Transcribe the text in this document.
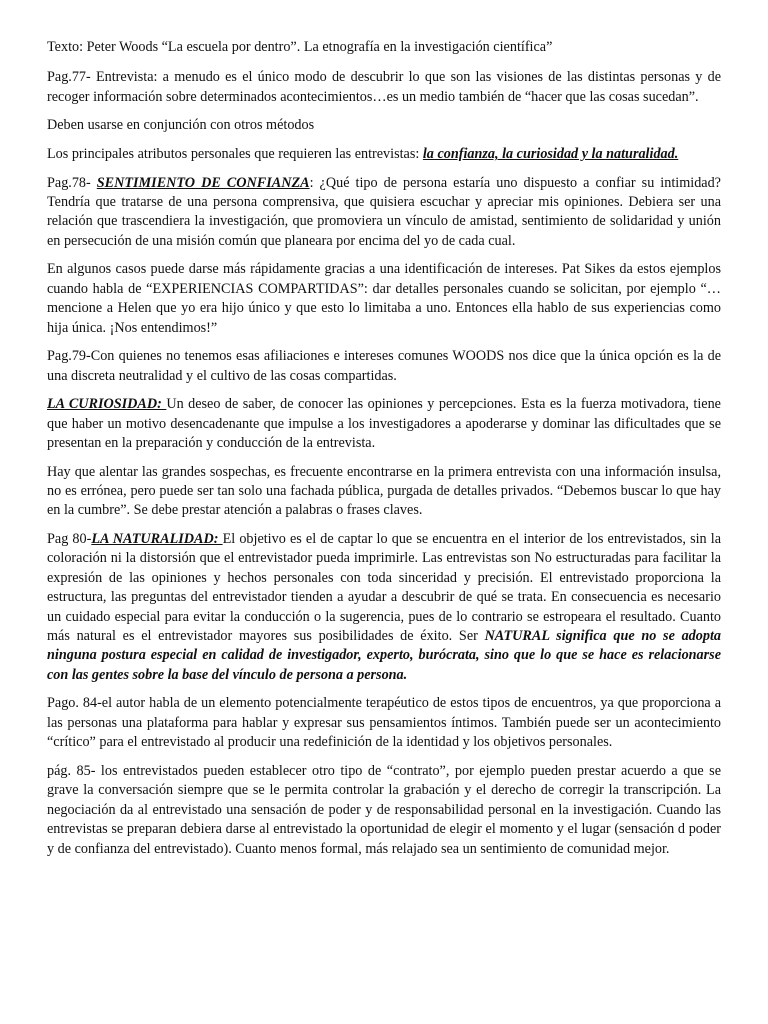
Texto: Peter Woods “La escuela por dentro”. La etnografía en la investigación científica”

Pag.77- Entrevista: a menudo es el único modo de descubrir lo que son las visiones de las distintas personas y de recoger información sobre determinados acontecimientos…es un medio también de “hacer que las cosas sucedan”.

Deben usarse en conjunción con otros métodos

Los principales atributos personales que requieren las entrevistas: la confianza, la curiosidad y la naturalidad.

Pag.78- SENTIMIENTO DE CONFIANZA: ¿Qué tipo de persona estaría uno dispuesto a confiar su intimidad? Tendría que tratarse de una persona comprensiva, que quisiera escuchar y apreciar mis opiniones. Debiera ser una relación que trascendiera la investigación, que promoviera un vínculo de amistad, sentimiento de solidaridad y unión en persecución de una misión común que planeara por encima del yo de cada cual.

En algunos casos puede darse más rápidamente gracias a una identificación de intereses. Pat Sikes da estos ejemplos cuando habla de “EXPERIENCIAS COMPARTIDAS”: dar detalles personales cuando se solicitan, por ejemplo “…mencione a Helen que yo era hijo único y que esto lo limitaba a uno. Entonces ella hablo de sus experiencias como hija única. ¡Nos entendimos!”

Pag.79-Con quienes no tenemos esas afiliaciones e intereses comunes WOODS nos dice que la única opción es la de una discreta neutralidad y el cultivo de las cosas compartidas.

LA CURIOSIDAD: Un deseo de saber, de conocer las opiniones y percepciones. Esta es la fuerza motivadora, tiene que haber un motivo desencadenante que impulse a los investigadores a apoderarse y dominar las dificultades que se presentan en la preparación y conducción de la entrevista.

Hay que alentar las grandes sospechas, es frecuente encontrarse en la primera entrevista con una información insulsa, no es errónea, pero puede ser tan solo una fachada pública, purgada de detalles privados. “Debemos buscar lo que hay en la cumbre”. Se debe prestar atención a palabras o frases claves.

Pag 80-LA NATURALIDAD: El objetivo es el de captar lo que se encuentra en el interior de los entrevistados, sin la coloración ni la distorsión que el entrevistador pueda imprimirle. Las entrevistas son No estructuradas para facilitar la expresión de las opiniones y hechos personales con toda sinceridad y precisión. El entrevistado proporciona la estructura, las preguntas del entrevistador tienden a ayudar a descubrir de qué se trata. En consecuencia es necesario un cuidado especial para evitar la conducción o la sugerencia, pues de lo contrario se estropeara el resultado. Cuanto más natural es el entrevistador mayores sus posibilidades de éxito. Ser NATURAL significa que no se adopta ninguna postura especial en calidad de investigador, experto, burócrata, sino que lo que se hace es relacionarse con las gentes sobre la base del vínculo de persona a persona.

Pago. 84-el autor habla de un elemento potencialmente terapéutico de estos tipos de encuentros, ya que proporciona a las personas una plataforma para hablar y expresar sus pensamientos íntimos. También puede ser un acontecimiento “crítico” para el entrevistado al producir una redefinición de la identidad y los objetivos personales.

pág. 85- los entrevistados pueden establecer otro tipo de “contrato”, por ejemplo pueden prestar acuerdo a que se grave la conversación siempre que se le permita controlar la grabación y el derecho de corregir la transcripción. La negociación da al entrevistado una sensación de poder y de responsabilidad personal en la investigación. Cuando las entrevistas se preparan debiera darse al entrevistado la oportunidad de elegir el momento y el lugar (sensación d poder y de confianza del entrevistado). Cuanto menos formal, más relajado sea un sentimiento de comunidad mejor.
